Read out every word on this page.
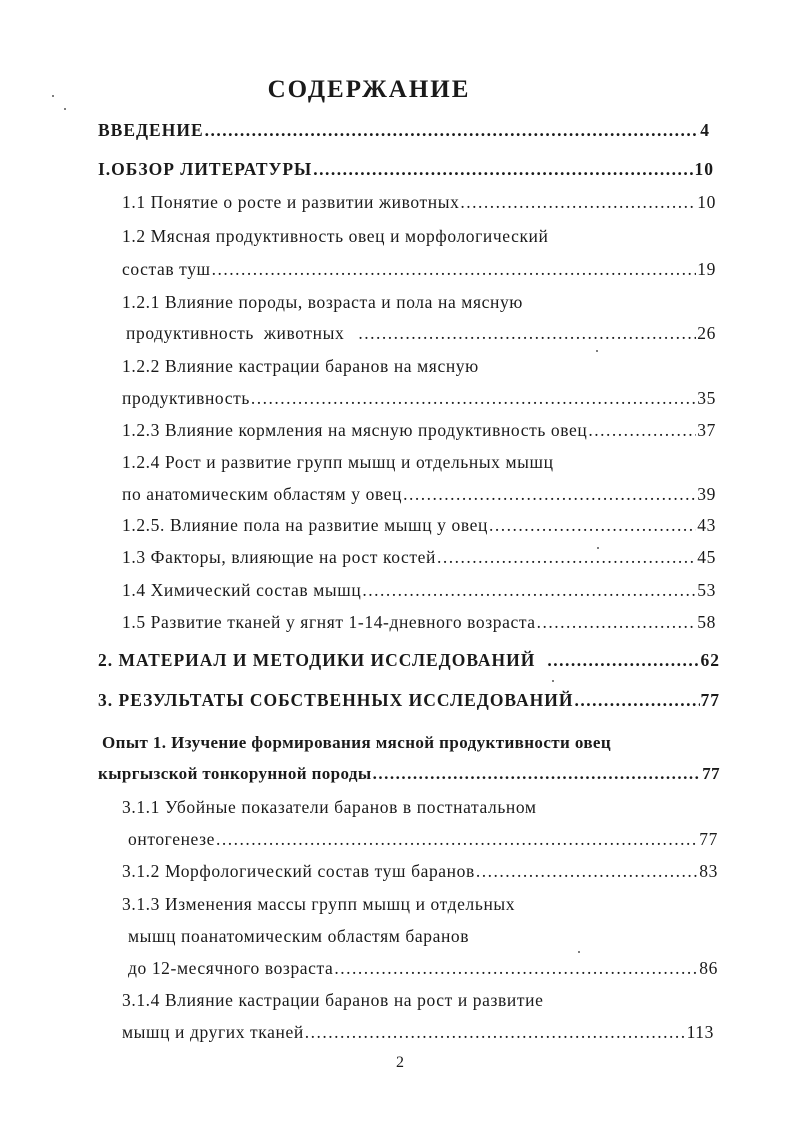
СОДЕРЖАНИЕ
ВВЕДЕНИЕ .....	4
I.ОБЗОР ЛИТЕРАТУРЫ .....	10
1.1 Понятие о росте и развитии животных .....	10
1.2 Мясная продуктивность овец и морфологический
состав туш .....	19
1.2.1 Влияние породы, возраста и пола на мясную
продуктивность  животных .....	26
1.2.2 Влияние кастрации баранов на мясную
продуктивность .....	35
1.2.3 Влияние кормления на мясную продуктивность овец .....	37
1.2.4 Рост и развитие групп мышц и отдельных мышц
по анатомическим областям у овец .....	39
1.2.5. Влияние пола на развитие мышц у овец .....	43
1.3 Факторы, влияющие на рост костей .....	45
1.4 Химический состав мышц .....	53
1.5 Развитие тканей у ягнят 1-14-дневного возраста .....	58
2. МАТЕРИАЛ И МЕТОДИКИ ИССЛЕДОВАНИЙ .....	62
3. РЕЗУЛЬТАТЫ СОБСТВЕННЫХ ИССЛЕДОВАНИЙ .....	77
Опыт 1. Изучение формирования мясной продуктивности овец
кыргызской тонкорунной породы .....	77
3.1.1 Убойные показатели баранов в постнатальном
онтогенезе .....	77
3.1.2 Морфологический состав туш баранов .....	83
3.1.3 Изменения массы групп мышц и отдельных
мышц поанатомическим областям баранов
до 12-месячного возраста .....	86
3.1.4 Влияние кастрации баранов на рост и развитие
мышц и других тканей .....	113
2
